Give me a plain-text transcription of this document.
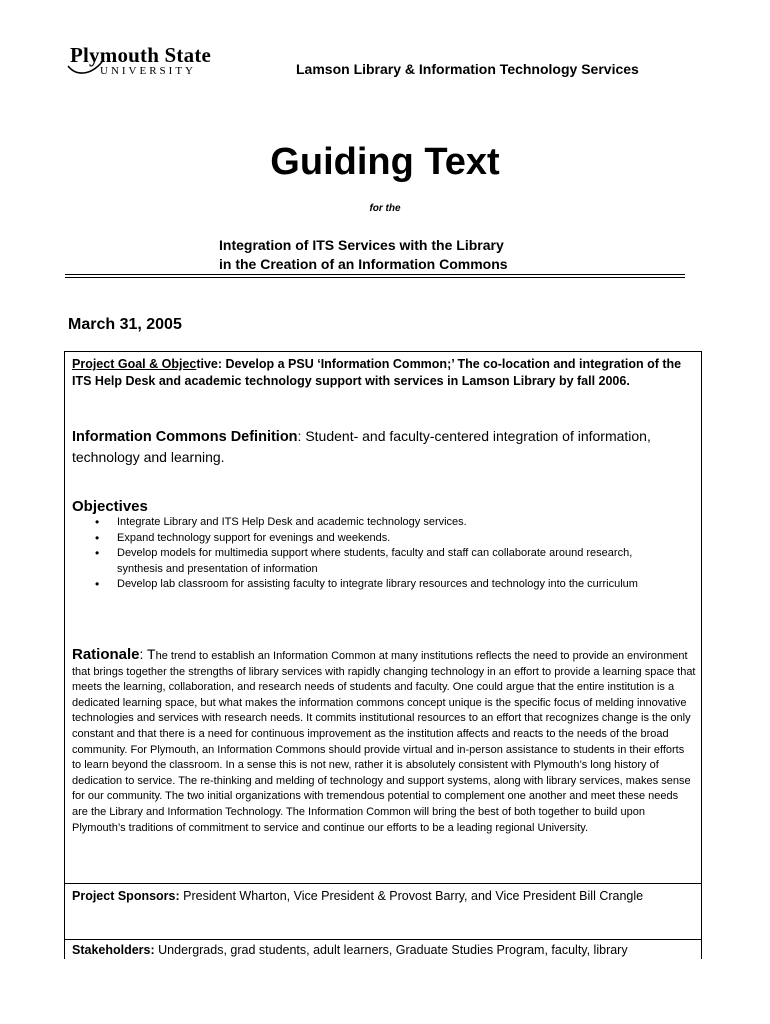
Plymouth State
UNIVERSITY	Lamson Library & Information Technology Services
Guiding Text
for the
Integration of ITS Services with the Library
in the Creation of an Information Commons
March 31, 2005
Project Goal & Objective: Develop a PSU ‘Information Common;’ The co-location and integration of the ITS Help Desk and academic technology support with services in Lamson Library by fall 2006.
Information Commons Definition: Student- and faculty-centered integration of information, technology and learning.
Objectives
• Integrate Library and ITS Help Desk and academic technology services.
• Expand technology support for evenings and weekends.
• Develop models for multimedia support where students, faculty and staff can collaborate around research, synthesis and presentation of information
• Develop lab classroom for assisting faculty to integrate library resources and technology into the curriculum
Rationale: The trend to establish an Information Common at many institutions reflects the need to provide an environment that brings together the strengths of library services with rapidly changing technology in an effort to provide a learning space that meets the learning, collaboration, and research needs of students and faculty. One could argue that the entire institution is a dedicated learning space, but what makes the information commons concept unique is the specific focus of melding innovative technologies and services with research needs. It commits institutional resources to an effort that recognizes change is the only constant and that there is a need for continuous improvement as the institution affects and reacts to the needs of the broad community. For Plymouth, an Information Commons should provide virtual and in-person assistance to students in their efforts to learn beyond the classroom. In a sense this is not new, rather it is absolutely consistent with Plymouth’s long history of dedication to service. The re-thinking and melding of technology and support systems, along with library services, makes sense for our community. The two initial organizations with tremendous potential to complement one another and meet these needs are the Library and Information Technology. The Information Common will bring the best of both together to build upon Plymouth’s traditions of commitment to service and continue our efforts to be a leading regional University.
Project Sponsors: President Wharton, Vice President & Provost Barry, and Vice President Bill Crangle
Stakeholders: Undergrads, grad students, adult learners, Graduate Studies Program, faculty, library
